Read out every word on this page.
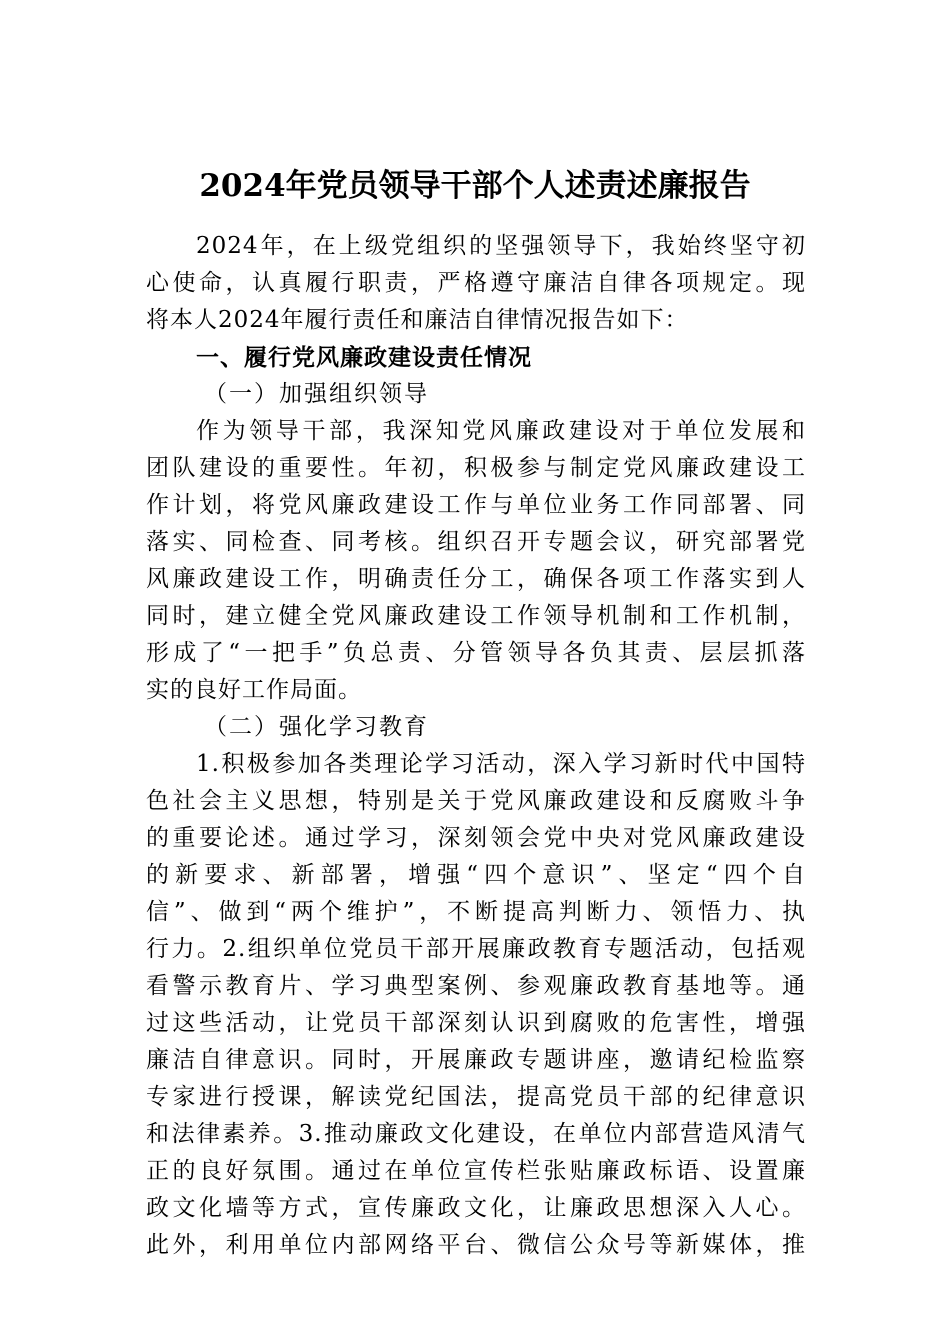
2024年党员领导干部个人述责述廉报告
2024年，在上级党组织的坚强领导下，我始终坚守初
心使命，认真履行职责，严格遵守廉洁自律各项规定。现
将本人2024年履行责任和廉洁自律情况报告如下：
一、履行党风廉政建设责任情况
（一）加强组织领导
作为领导干部，我深知党风廉政建设对于单位发展和
团队建设的重要性。年初，积极参与制定党风廉政建设工
作计划，将党风廉政建设工作与单位业务工作同部署、同
落实、同检查、同考核。组织召开专题会议，研究部署党
风廉政建设工作，明确责任分工，确保各项工作落实到人
同时，建立健全党风廉政建设工作领导机制和工作机制，
形成了“一把手”负总责、分管领导各负其责、层层抓落
实的良好工作局面。
（二）强化学习教育
1.积极参加各类理论学习活动，深入学习新时代中国特
色社会主义思想，特别是关于党风廉政建设和反腐败斗争
的重要论述。通过学习，深刻领会党中央对党风廉政建设
的新要求、新部署，增强“四个意识”、坚定“四个自
信”、做到“两个维护”，不断提高判断力、领悟力、执
行力。2.组织单位党员干部开展廉政教育专题活动，包括观
看警示教育片、学习典型案例、参观廉政教育基地等。通
过这些活动，让党员干部深刻认识到腐败的危害性，增强
廉洁自律意识。同时，开展廉政专题讲座，邀请纪检监察
专家进行授课，解读党纪国法，提高党员干部的纪律意识
和法律素养。3.推动廉政文化建设，在单位内部营造风清气
正的良好氛围。通过在单位宣传栏张贴廉政标语、设置廉
政文化墙等方式，宣传廉政文化，让廉政思想深入人心。
此外，利用单位内部网络平台、微信公众号等新媒体，推
